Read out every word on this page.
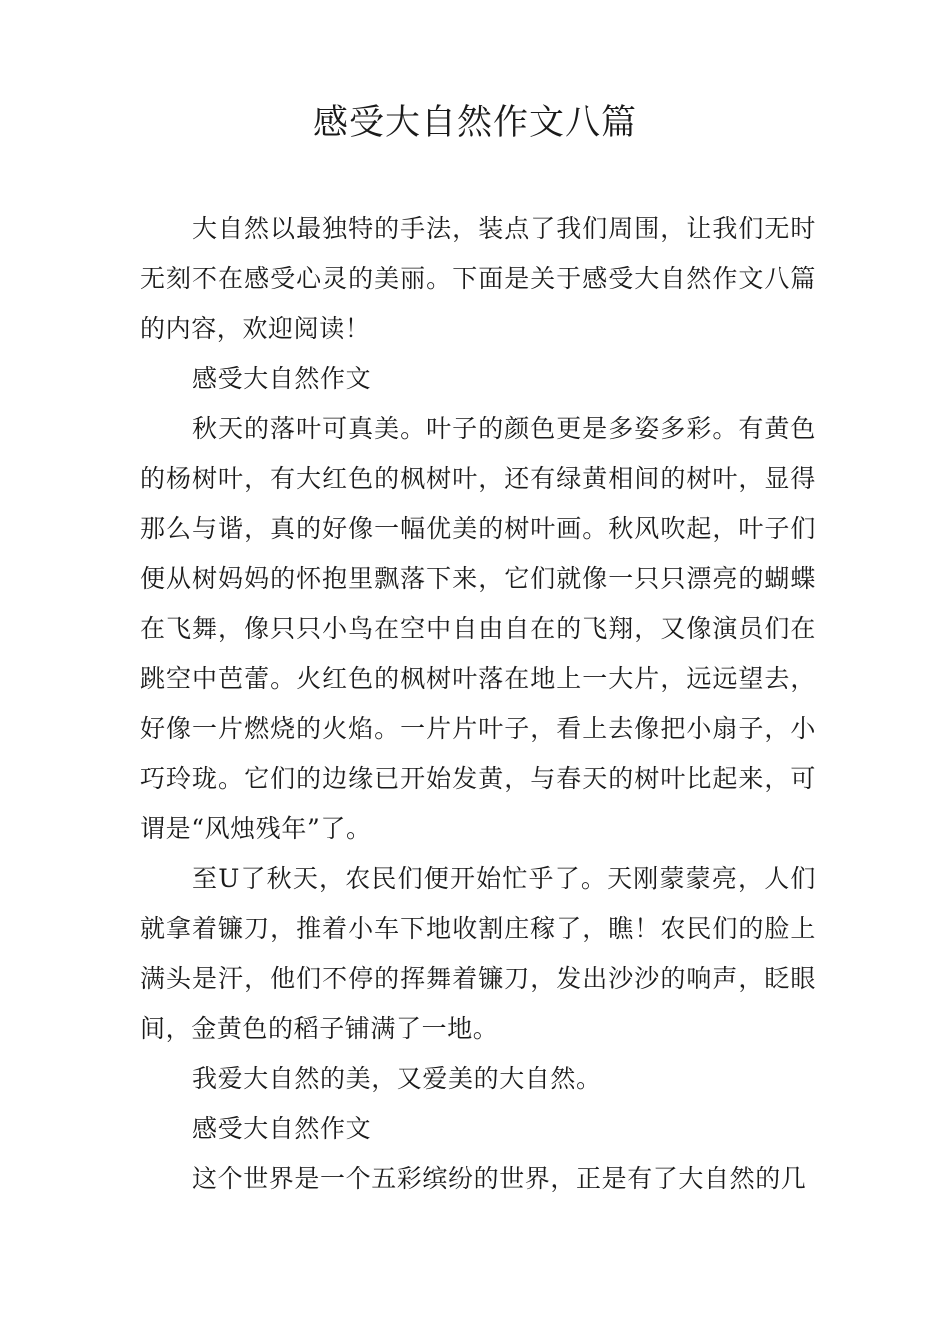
感受大自然作文八篇

大自然以最独特的手法，装点了我们周围，让我们无时无刻不在感受心灵的美丽。下面是关于感受大自然作文八篇的内容，欢迎阅读！

感受大自然作文

秋天的落叶可真美。叶子的颜色更是多姿多彩。有黄色的杨树叶，有大红色的枫树叶，还有绿黄相间的树叶，显得那么与谐，真的好像一幅优美的树叶画。秋风吹起，叶子们便从树妈妈的怀抱里飘落下来，它们就像一只只漂亮的蝴蝶在飞舞，像只只小鸟在空中自由自在的飞翔，又像演员们在跳空中芭蕾。火红色的枫树叶落在地上一大片，远远望去，好像一片燃烧的火焰。一片片叶子，看上去像把小扇子，小巧玲珑。它们的边缘已开始发黄，与春天的树叶比起来，可谓是“风烛残年”了。

至U了秋天，农民们便开始忙乎了。天刚蒙蒙亮，人们就拿着镰刀，推着小车下地收割庄稼了，瞧！农民们的脸上满头是汗，他们不停的挥舞着镰刀，发出沙沙的响声，眨眼间，金黄色的稻子铺满了一地。

我爱大自然的美，又爱美的大自然。

感受大自然作文

这个世界是一个五彩缤纷的世界，正是有了大自然的几
